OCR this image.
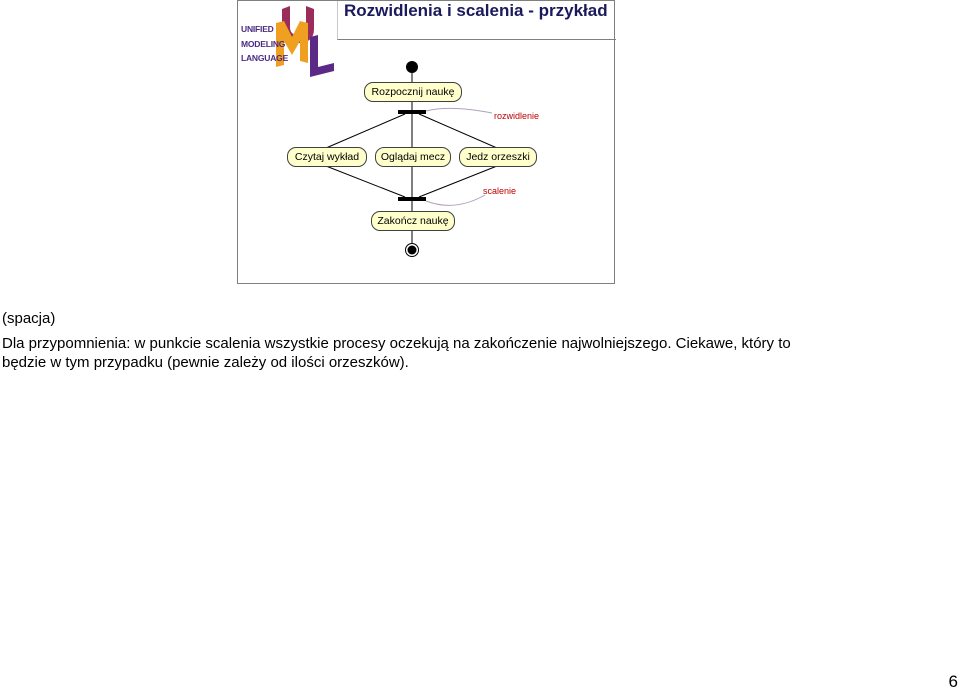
Rozwidlenia i scalenia - przykład
UNIFIED
MODELING
LANGUAGE
Rozpocznij naukę
Czytaj wykład	Oglądaj mecz	Jedz orzeszki
Zakończ naukę
rozwidlenie
scalenie

(spacja)

Dla przypomnienia: w punkcie scalenia wszystkie procesy oczekują na zakończenie najwolniejszego. Ciekawe, który to

będzie w tym przypadku (pewnie zależy od ilości orzeszków).

6
